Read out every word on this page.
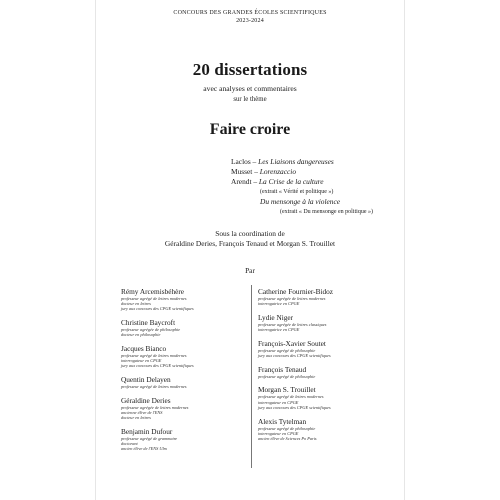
CONCOURS DES GRANDES ÉCOLES SCIENTIFIQUES
2023-2024
20 dissertations
avec analyses et commentaires
sur le thème
Faire croire
Laclos – Les Liaisons dangereuses
Musset – Lorenzaccio
Arendt – La Crise de la culture
(extrait « Vérité et politique »)
Du mensonge à la violence
(extrait « Du mensonge en politique »)
Sous la coordination de
Géraldine Deries, François Tenaud et Morgan S. Trouillet
Par
Rémy Arcemisbéhère
professeur agrégé de lettres modernes
docteur en lettres
jury aux concours des CPGE scientifiques
Christine Baycroft
professeur agrégée de philosophie
docteur en philosophie
Jacques Bianco
professeur agrégé de lettres modernes
interrogateur en CPGE
jury aux concours des CPGE scientifiques
Quentin Delayen
professeur agrégé de lettres modernes
Géraldine Deries
professeur agrégée de lettres modernes
ancienne élève de l'ENS
docteur en lettres
Benjamin Dufour
professeur agrégé de grammaire
doctorant
ancien élève de l'ENS Ulm
Catherine Fournier-Bidoz
professeur agrégée de lettres modernes
interrogatrice en CPGE
Lydie Niger
professeur agrégée de lettres classiques
interrogatrice en CPGE
François-Xavier Soutet
professeur agrégé de philosophie
jury aux concours des CPGE scientifiques
François Tenaud
professeur agrégé de philosophie
Morgan S. Trouillet
professeur agrégé de lettres modernes
interrogateur en CPGE
jury aux concours des CPGE scientifiques
Alexis Tytelman
professeur agrégé de philosophie
interrogateur en CPGE
ancien élève de Sciences Po Paris
